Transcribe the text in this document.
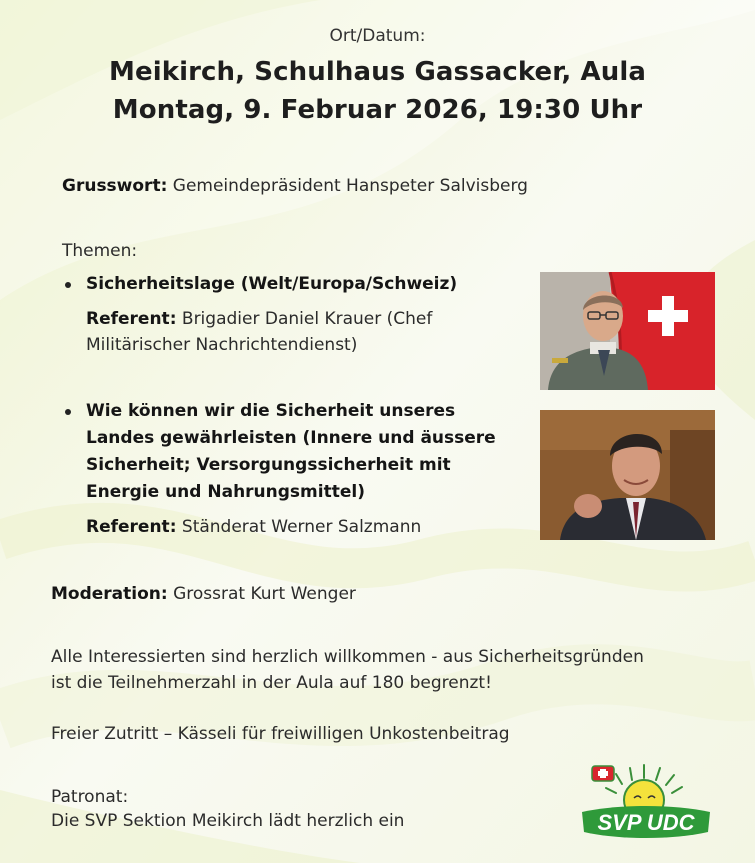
Ort/Datum:
Meikirch, Schulhaus Gassacker, Aula
Montag, 9. Februar 2026, 19:30 Uhr
Grusswort: Gemeindepräsident Hanspeter Salvisberg
Themen:
Sicherheitslage (Welt/Europa/Schweiz)
Referent: Brigadier Daniel Krauer (Chef
Militärischer Nachrichtendienst)
Wie können wir die Sicherheit unseres
Landes gewährleisten (Innere und äussere
Sicherheit; Versorgungssicherheit mit
Energie und Nahrungsmittel)
Referent: Ständerat Werner Salzmann
Moderation: Grossrat Kurt Wenger
Alle Interessierten sind herzlich willkommen - aus Sicherheitsgründen
ist die Teilnehmerzahl in der Aula auf 180 begrenzt!
Freier Zutritt – Kässeli für freiwilligen Unkostenbeitrag
Patronat:
Die SVP Sektion Meikirch lädt herzlich ein	SVP UDC
